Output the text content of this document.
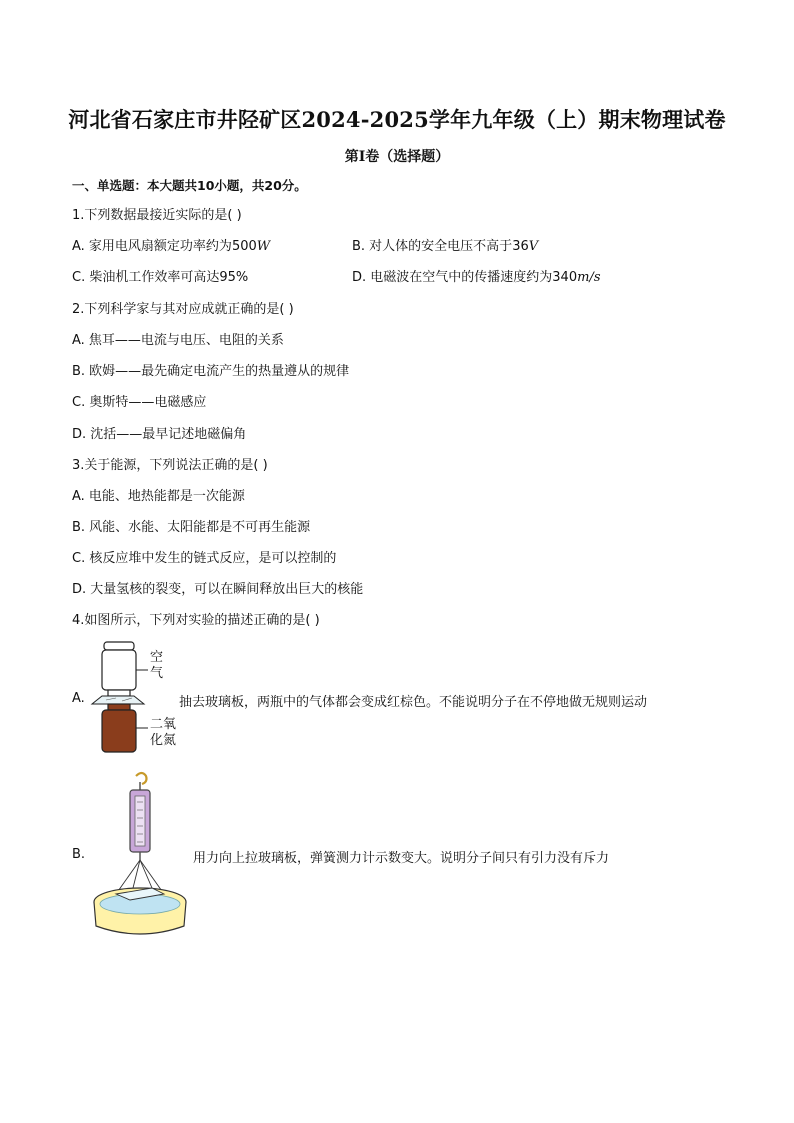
河北省石家庄市井陉矿区2024-2025学年九年级（上）期末物理试卷
第I卷（选择题）
一、单选题：本大题共10小题，共20分。
1.下列数据最接近实际的是( )
A. 家用电风扇额定功率约为500W	B. 对人体的安全电压不高于36V
C. 柴油机工作效率可高达95%	D. 电磁波在空气中的传播速度约为340m/s
2.下列科学家与其对应成就正确的是( )
A. 焦耳——电流与电压、电阻的关系
B. 欧姆——最先确定电流产生的热量遵从的规律
C. 奥斯特——电磁感应
D. 沈括——最早记述地磁偏角
3.关于能源，下列说法正确的是( )
A. 电能、地热能都是一次能源
B. 风能、水能、太阳能都是不可再生能源
C. 核反应堆中发生的链式反应，是可以控制的
D. 大量氢核的裂变，可以在瞬间释放出巨大的核能
4.如图所示，下列对实验的描述正确的是( )
A.
空
气
二氧
化氮
抽去玻璃板，两瓶中的气体都会变成红棕色。不能说明分子在不停地做无规则运动
B.	用力向上拉玻璃板，弹簧测力计示数变大。说明分子间只有引力没有斥力
